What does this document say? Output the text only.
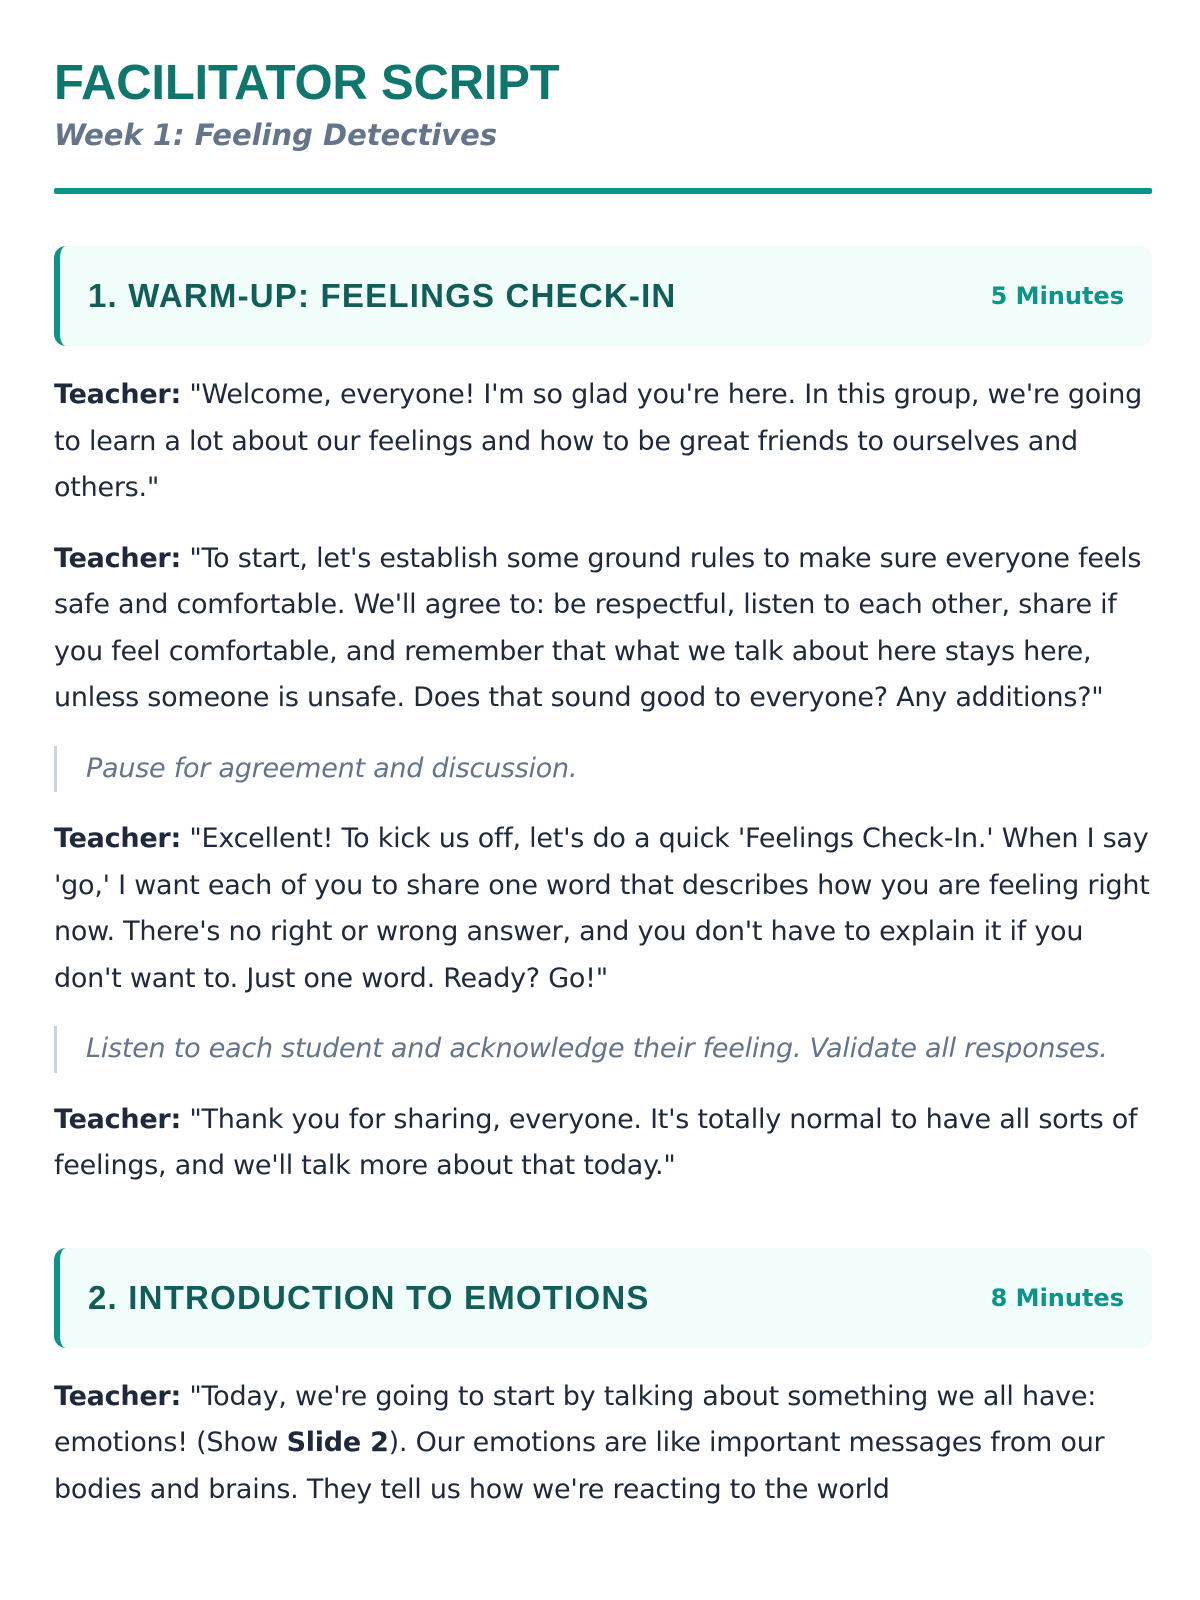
FACILITATOR SCRIPT

Week 1: Feeling Detectives

1. WARM-UP: FEELINGS CHECK-IN	5 Minutes

Teacher: "Welcome, everyone! I'm so glad you're here. In this group, we're going to learn a lot about our feelings and how to be great friends to ourselves and others."

Teacher: "To start, let's establish some ground rules to make sure everyone feels safe and comfortable. We'll agree to: be respectful, listen to each other, share if you feel comfortable, and remember that what we talk about here stays here, unless someone is unsafe. Does that sound good to everyone? Any additions?"

Pause for agreement and discussion.

Teacher: "Excellent! To kick us off, let's do a quick 'Feelings Check-In.' When I say 'go,' I want each of you to share one word that describes how you are feeling right now. There's no right or wrong answer, and you don't have to explain it if you don't want to. Just one word. Ready? Go!"

Listen to each student and acknowledge their feeling. Validate all responses.

Teacher: "Thank you for sharing, everyone. It's totally normal to have all sorts of feelings, and we'll talk more about that today."

2. INTRODUCTION TO EMOTIONS	8 Minutes

Teacher: "Today, we're going to start by talking about something we all have: emotions! (Show Slide 2). Our emotions are like important messages from our bodies and brains. They tell us how we're reacting to the world
